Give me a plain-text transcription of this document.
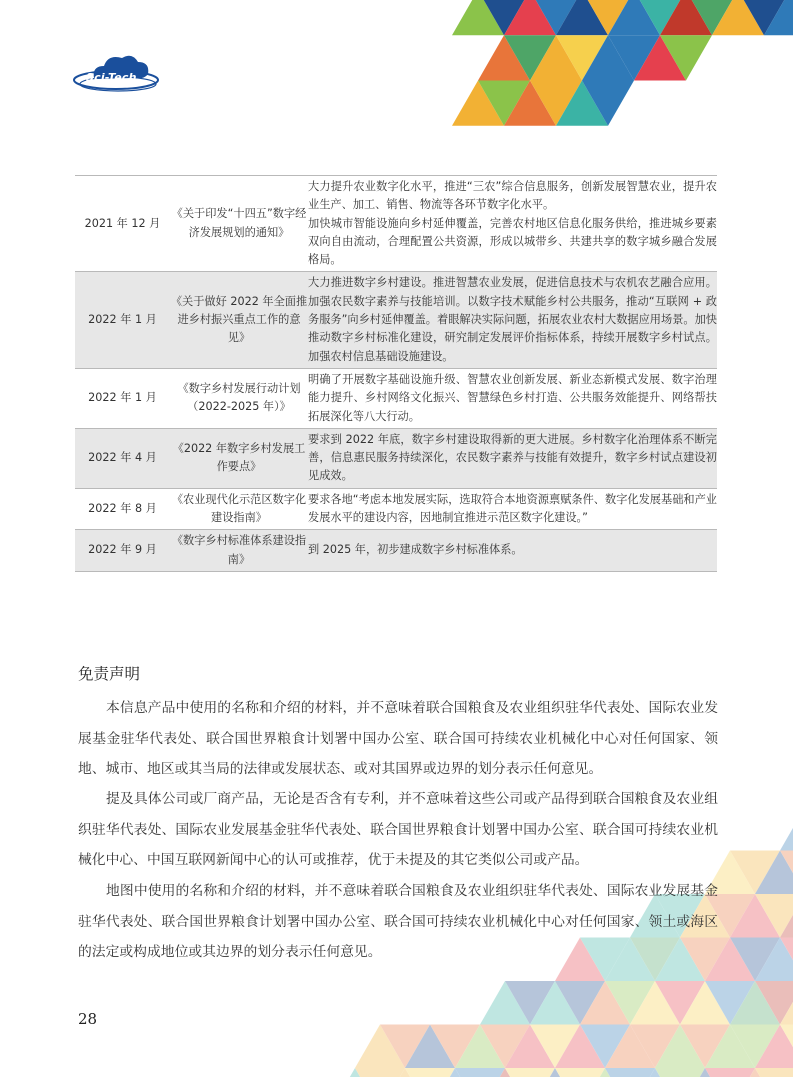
Sci-Tech
2021 年 12 月	《关于印发“十四五”数字经济发展规划的通知》	大力提升农业数字化水平，推进“三农”综合信息服务，创新发展智慧农业，提升农业生产、加工、销售、物流等各环节数字化水平。
加快城市智能设施向乡村延伸覆盖，完善农村地区信息化服务供给，推进城乡要素双向自由流动，合理配置公共资源，形成以城带乡、共建共享的数字城乡融合发展格局。
2022 年 1 月	《关于做好 2022 年全面推进乡村振兴重点工作的意见》	大力推进数字乡村建设。推进智慧农业发展，促进信息技术与农机农艺融合应用。加强农民数字素养与技能培训。以数字技术赋能乡村公共服务，推动“互联网 + 政务服务”向乡村延伸覆盖。着眼解决实际问题，拓展农业农村大数据应用场景。加快推动数字乡村标准化建设，研究制定发展评价指标体系，持续开展数字乡村试点。加强农村信息基础设施建设。
2022 年 1 月	《数字乡村发展行动计划（2022-2025 年）》	明确了开展数字基础设施升级、智慧农业创新发展、新业态新模式发展、数字治理能力提升、乡村网络文化振兴、智慧绿色乡村打造、公共服务效能提升、网络帮扶拓展深化等八大行动。
2022 年 4 月	《2022 年数字乡村发展工作要点》	要求到 2022 年底，数字乡村建设取得新的更大进展。乡村数字化治理体系不断完善，信息惠民服务持续深化，农民数字素养与技能有效提升，数字乡村试点建设初见成效。
2022 年 8 月	《农业现代化示范区数字化建设指南》	要求各地“考虑本地发展实际，选取符合本地资源禀赋条件、数字化发展基础和产业发展水平的建设内容，因地制宜推进示范区数字化建设。”
2022 年 9 月	《数字乡村标准体系建设指南》	到 2025 年，初步建成数字乡村标准体系。
免责声明
本信息产品中使用的名称和介绍的材料，并不意味着联合国粮食及农业组织驻华代表处、国际农业发展基金驻华代表处、联合国世界粮食计划署中国办公室、联合国可持续农业机械化中心对任何国家、领地、城市、地区或其当局的法律或发展状态、或对其国界或边界的划分表示任何意见。
提及具体公司或厂商产品，无论是否含有专利，并不意味着这些公司或产品得到联合国粮食及农业组织驻华代表处、国际农业发展基金驻华代表处、联合国世界粮食计划署中国办公室、联合国可持续农业机械化中心、中国互联网新闻中心的认可或推荐，优于未提及的其它类似公司或产品。
地图中使用的名称和介绍的材料，并不意味着联合国粮食及农业组织驻华代表处、国际农业发展基金驻华代表处、联合国世界粮食计划署中国办公室、联合国可持续农业机械化中心对任何国家、领土或海区的法定或构成地位或其边界的划分表示任何意见。
28
